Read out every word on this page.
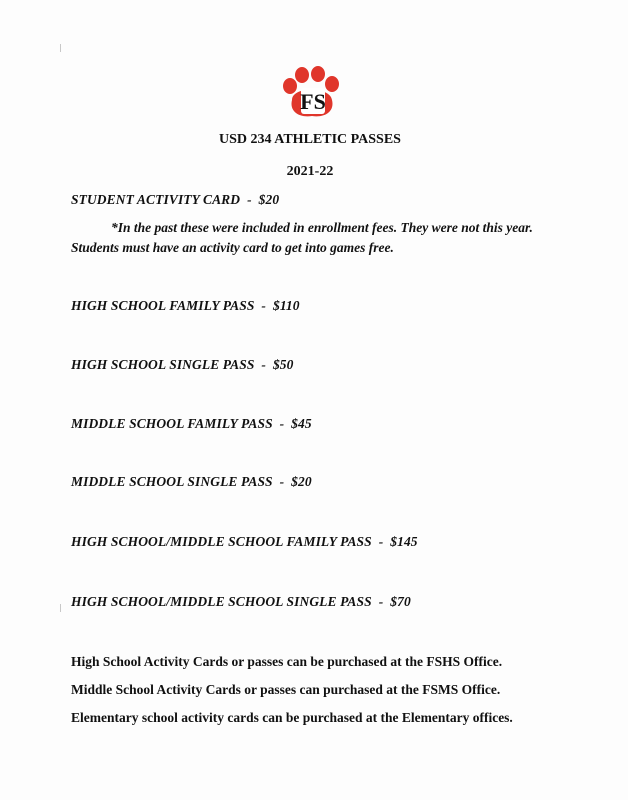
FS
USD 234 ATHLETIC PASSES
2021-22
STUDENT ACTIVITY CARD  -  $20
*In the past these were included in enrollment fees. They were not this year. Students must have an activity card to get into games free.
HIGH SCHOOL FAMILY PASS  -  $110
HIGH SCHOOL SINGLE PASS  -  $50
MIDDLE SCHOOL FAMILY PASS  -  $45
MIDDLE SCHOOL SINGLE PASS  -  $20
HIGH SCHOOL/MIDDLE SCHOOL FAMILY PASS  -  $145
HIGH SCHOOL/MIDDLE SCHOOL SINGLE PASS  -  $70
High School Activity Cards or passes can be purchased at the FSHS Office.
Middle School Activity Cards or passes can purchased at the FSMS Office.
Elementary school activity cards can be purchased at the Elementary offices.
